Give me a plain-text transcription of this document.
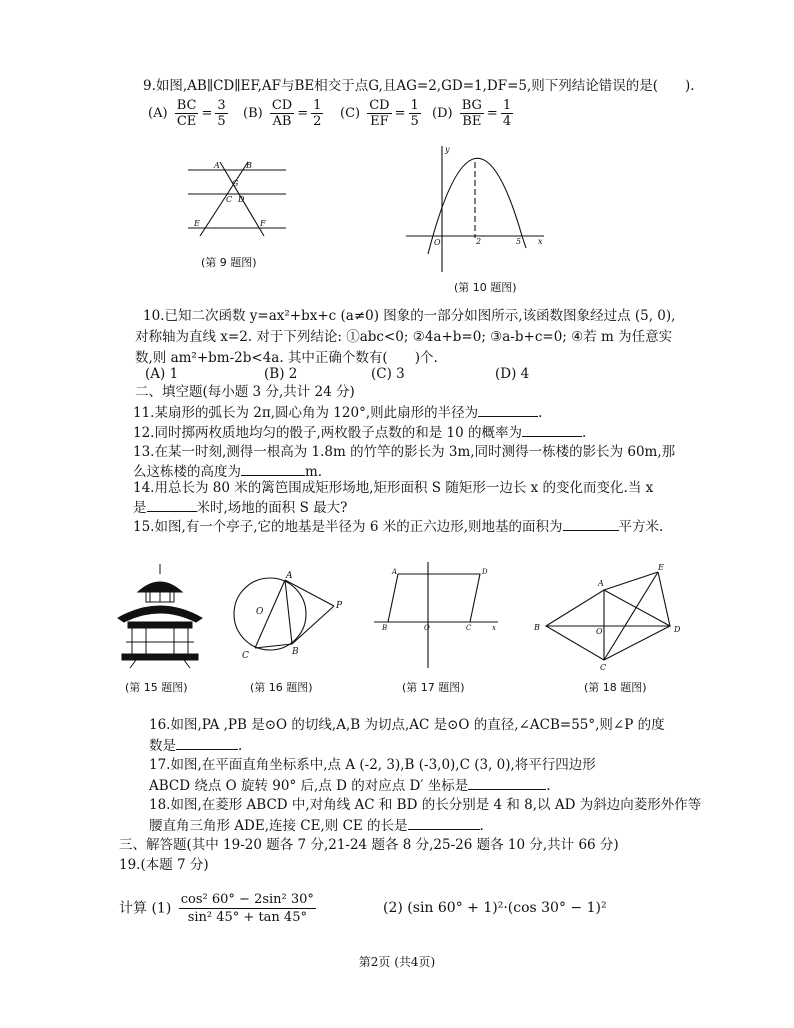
9.如图,AB∥CD∥EF,AF与BE相交于点G,且AG=2,GD=1,DF=5,则下列结论错误的是(　　).
$(A) \frac{BC}{CE} = \frac{3}{5} (B) \frac{CD}{AB} = \frac{1}{2} (C) \frac{CD}{EF} = \frac{1}{5} (D) \frac{BG}{BE} = \frac{1}{4}$
A	B
G
C D
E	F
(第 9 题图)
y
O	2	5 x
(第 10 题图)
10.已知二次函数 y=ax²+bx+c (a≠0) 图象的一部分如图所示,该函数图象经过点 (5, 0),
对称轴为直线 x=2. 对于下列结论: ①abc<0; ②4a+b=0; ③a-b+c=0; ④若 m 为任意实
数,则 am²+bm-2b<4a. 其中正确个数有(　　)个.
(A) 1	(B) 2	(C) 3	(D) 4
二、填空题(每小题 3 分,共计 24 分)
11.某扇形的弧长为 2π,圆心角为 120°,则此扇形的半径为	.
12.同时掷两枚质地均匀的骰子,两枚骰子点数的和是 10 的概率为	.
13.在某一时刻,测得一根高为 1.8m 的竹竿的影长为 3m,同时测得一栋楼的影长为 60m,那
么这栋楼的高度为	m.
14.用总长为 80 米的篱笆围成矩形场地,矩形面积 S 随矩形一边长 x 的变化而变化.当 x
是	米时,场地的面积 S 最大?
15.如图,有一个亭子,它的地基是半径为 6 米的正六边形,则地基的面积为	平方米.
(第 15 题图)
A
O
P
C	B
(第 16 题图)
A	D
B	O	C	x
(第 17 题图)
E
A
B	O	D
C
(第 18 题图)
16.如图,PA ,PB 是⊙O 的切线,A,B 为切点,AC 是⊙O 的直径,∠ACB=55°,则∠P 的度
数是	.
17.如图,在平面直角坐标系中,点 A (-2, 3),B (-3,0),C (3, 0),将平行四边形
ABCD 绕点 O 旋转 90° 后,点 D 的对应点 D′ 坐标是	.
18.如图,在菱形 ABCD 中,对角线 AC 和 BD 的长分别是 4 和 8,以 AD 为斜边向菱形外作等
腰直角三角形 ADE,连接 CE,则 CE 的长是	.
三、解答题(其中 19-20 题各 7 分,21-24 题各 8 分,25-26 题各 10 分,共计 66 分)
19.(本题 7 分)
计算 $(1) \frac{\text{cos² 60° − 2sin² 30°}}{\text{sin² 45° + tan 45°}}$	(2) (sin 60° + 1)²·(cos 30° − 1)²
第2页 (共4页)
